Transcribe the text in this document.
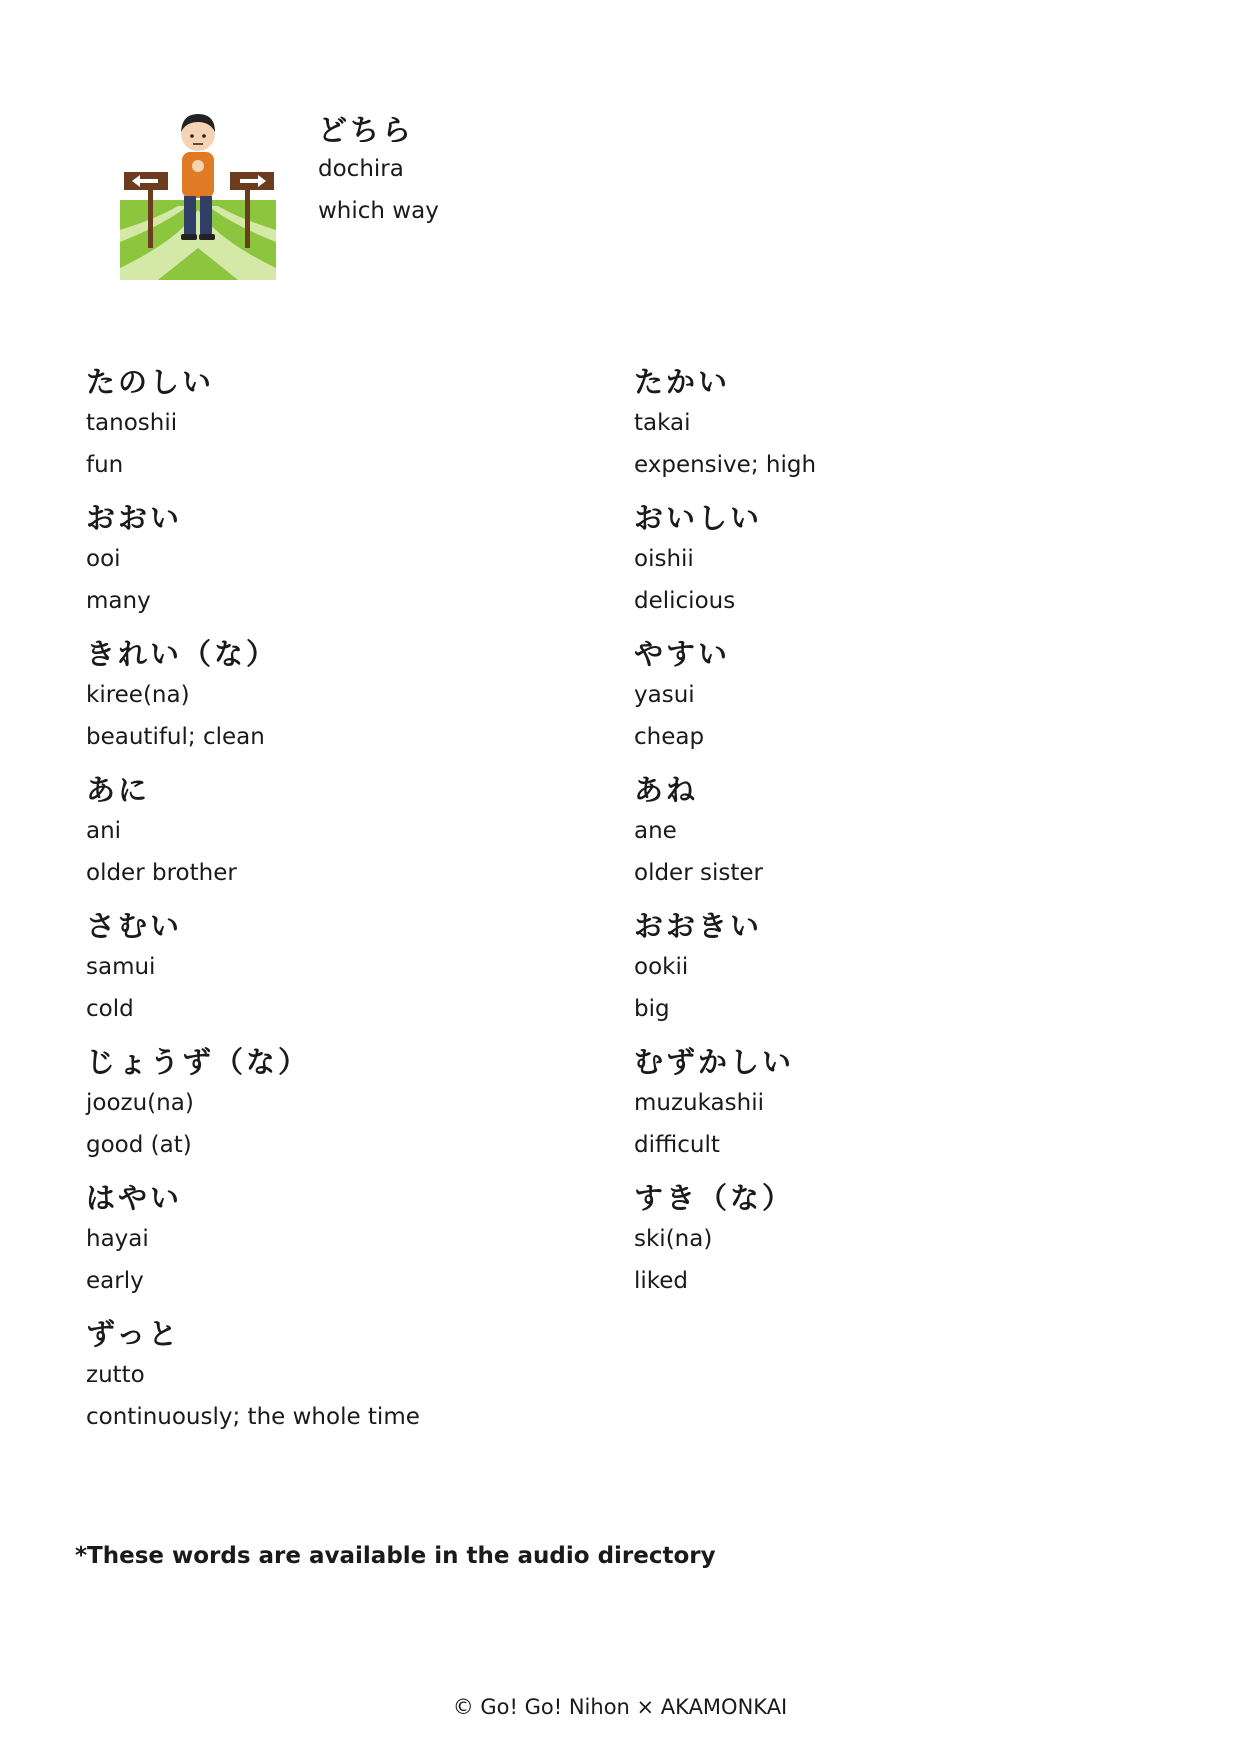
どちら
dochira
which way
たのしい
tanoshii
fun
おおい
ooi
many
きれい（な）
kiree(na)
beautiful; clean
あに
ani
older brother
さむい
samui
cold
じょうず（な）
joozu(na)
good (at)
はやい
hayai
early
ずっと
zutto
continuously; the whole time
たかい
takai
expensive; high
おいしい
oishii
delicious
やすい
yasui
cheap
あね
ane
older sister
おおきい
ookii
big
むずかしい
muzukashii
difficult
すき（な）
ski(na)
liked
*These words are available in the audio directory
© Go! Go! Nihon × AKAMONKAI
